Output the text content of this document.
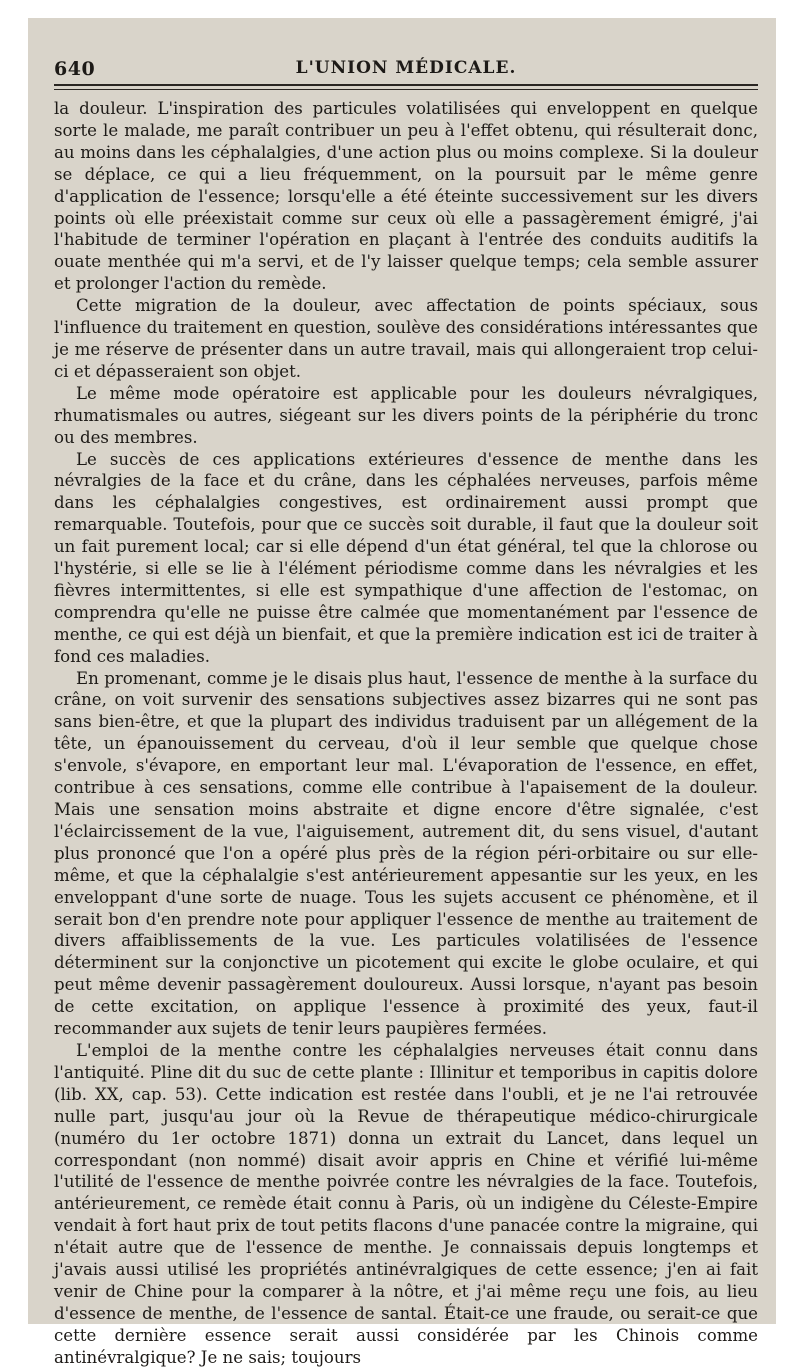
640	L'UNION MÉDICALE.

la douleur. L'inspiration des particules volatilisées qui enveloppent en quelque sorte le malade, me paraît contribuer un peu à l'effet obtenu, qui résulterait donc, au moins dans les céphalalgies, d'une action plus ou moins complexe. Si la douleur se déplace, ce qui a lieu fréquemment, on la poursuit par le même genre d'application de l'essence; lorsqu'elle a été éteinte successivement sur les divers points où elle préexistait comme sur ceux où elle a passagèrement émigré, j'ai l'habitude de terminer l'opération en plaçant à l'entrée des conduits auditifs la ouate menthée qui m'a servi, et de l'y laisser quelque temps; cela semble assurer et prolonger l'action du remède.

Cette migration de la douleur, avec affectation de points spéciaux, sous l'influence du traitement en question, soulève des considérations intéressantes que je me réserve de présenter dans un autre travail, mais qui allongeraient trop celui-ci et dépasseraient son objet.

Le même mode opératoire est applicable pour les douleurs névralgiques, rhumatismales ou autres, siégeant sur les divers points de la périphérie du tronc ou des membres.

Le succès de ces applications extérieures d'essence de menthe dans les névralgies de la face et du crâne, dans les céphalées nerveuses, parfois même dans les céphalalgies congestives, est ordinairement aussi prompt que remarquable. Toutefois, pour que ce succès soit durable, il faut que la douleur soit un fait purement local; car si elle dépend d'un état général, tel que la chlorose ou l'hystérie, si elle se lie à l'élément périodisme comme dans les névralgies et les fièvres intermittentes, si elle est sympathique d'une affection de l'estomac, on comprendra qu'elle ne puisse être calmée que momentanément par l'essence de menthe, ce qui est déjà un bienfait, et que la première indication est ici de traiter à fond ces maladies.

En promenant, comme je le disais plus haut, l'essence de menthe à la surface du crâne, on voit survenir des sensations subjectives assez bizarres qui ne sont pas sans bien-être, et que la plupart des individus traduisent par un allégement de la tête, un épanouissement du cerveau, d'où il leur semble que quelque chose s'envole, s'évapore, en emportant leur mal. L'évaporation de l'essence, en effet, contribue à ces sensations, comme elle contribue à l'apaisement de la douleur. Mais une sensation moins abstraite et digne encore d'être signalée, c'est l'éclaircissement de la vue, l'aiguisement, autrement dit, du sens visuel, d'autant plus prononcé que l'on a opéré plus près de la région péri-orbitaire ou sur elle-même, et que la céphalalgie s'est antérieurement appesantie sur les yeux, en les enveloppant d'une sorte de nuage. Tous les sujets accusent ce phénomène, et il serait bon d'en prendre note pour appliquer l'essence de menthe au traitement de divers affaiblissements de la vue. Les particules volatilisées de l'essence déterminent sur la conjonctive un picotement qui excite le globe oculaire, et qui peut même devenir passagèrement douloureux. Aussi lorsque, n'ayant pas besoin de cette excitation, on applique l'essence à proximité des yeux, faut-il recommander aux sujets de tenir leurs paupières fermées.

L'emploi de la menthe contre les céphalalgies nerveuses était connu dans l'antiquité. Pline dit du suc de cette plante : Illinitur et temporibus in capitis dolore (lib. XX, cap. 53). Cette indication est restée dans l'oubli, et je ne l'ai retrouvée nulle part, jusqu'au jour où la Revue de thérapeutique médico-chirurgicale (numéro du 1er octobre 1871) donna un extrait du Lancet, dans lequel un correspondant (non nommé) disait avoir appris en Chine et vérifié lui-même l'utilité de l'essence de menthe poivrée contre les névralgies de la face. Toutefois, antérieurement, ce remède était connu à Paris, où un indigène du Céleste-Empire vendait à fort haut prix de tout petits flacons d'une panacée contre la migraine, qui n'était autre que de l'essence de menthe. Je connaissais depuis longtemps et j'avais aussi utilisé les propriétés antinévralgiques de cette essence; j'en ai fait venir de Chine pour la comparer à la nôtre, et j'ai même reçu une fois, au lieu d'essence de menthe, de l'essence de santal. Était-ce une fraude, ou serait-ce que cette dernière essence serait aussi considérée par les Chinois comme antinévralgique? Je ne sais; toujours
